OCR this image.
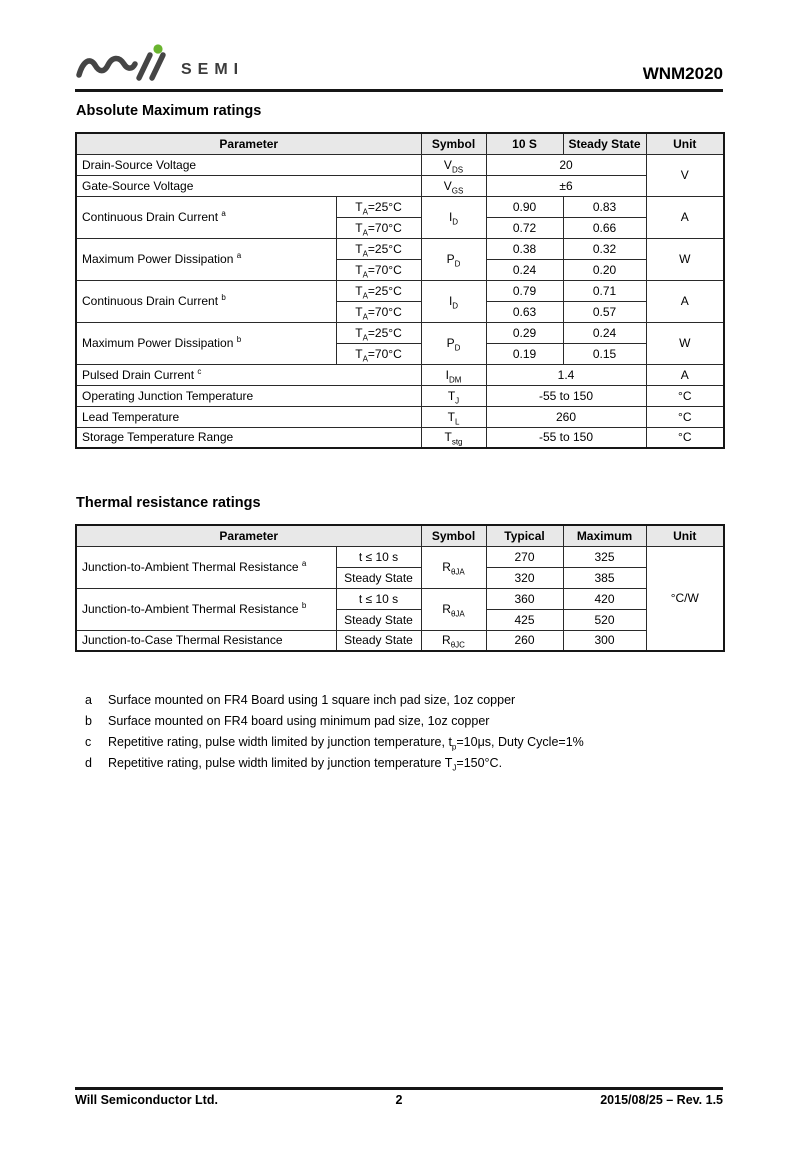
SEMI	WNM2020
Absolute Maximum ratings
Parameter		Symbol	10 S	Steady State	Unit
Drain-Source Voltage		$V_{DS}$	20		V
Gate-Source Voltage		$V_{GS}$	±6		
Continuous Drain Current $^a$	$T_A=25^\circ C$	$I_D$	0.90	0.83	A
	$T_A=70^\circ C$		0.72	0.66	
Maximum Power Dissipation $^a$	$T_A=25^\circ C$	$P_D$	0.38	0.32	W
	$T_A=70^\circ C$		0.24	0.20	
Continuous Drain Current $^b$	$T_A=25^\circ C$	$I_D$	0.79	0.71	A
	$T_A=70^\circ C$		0.63	0.57	
Maximum Power Dissipation $^b$	$T_A=25^\circ C$	$P_D$	0.29	0.24	W
	$T_A=70^\circ C$		0.19	0.15	
Pulsed Drain Current $^c$		$I_{DM}$	1.4		A
Operating Junction Temperature		$T_J$	-55 to 150		°C
Lead Temperature		$T_L$	260		°C
Storage Temperature Range		$T_{stg}$	-55 to 150		°C
Thermal resistance ratings
Parameter		Symbol	Typical	Maximum	Unit
Junction-to-Ambient Thermal Resistance $^a$	t ≤ 10 s	$R_{\theta JA}$	270	325	°C/W
	Steady State		320	385	
Junction-to-Ambient Thermal Resistance $^b$	t ≤ 10 s	$R_{\theta JA}$	360	420	
	Steady State		425	520	
Junction-to-Case Thermal Resistance	Steady State	$R_{\theta JC}$	260	300	
a	Surface mounted on FR4 Board using 1 square inch pad size, 1oz copper
b	Surface mounted on FR4 board using minimum pad size, 1oz copper
c	Repetitive rating, pulse width limited by junction temperature, $t_p=10\mu s$, Duty Cycle=1%
d	Repetitive rating, pulse width limited by junction temperature $T_J=150^\circ C$.
Will Semiconductor Ltd.	2	2015/08/25 – Rev. 1.5
